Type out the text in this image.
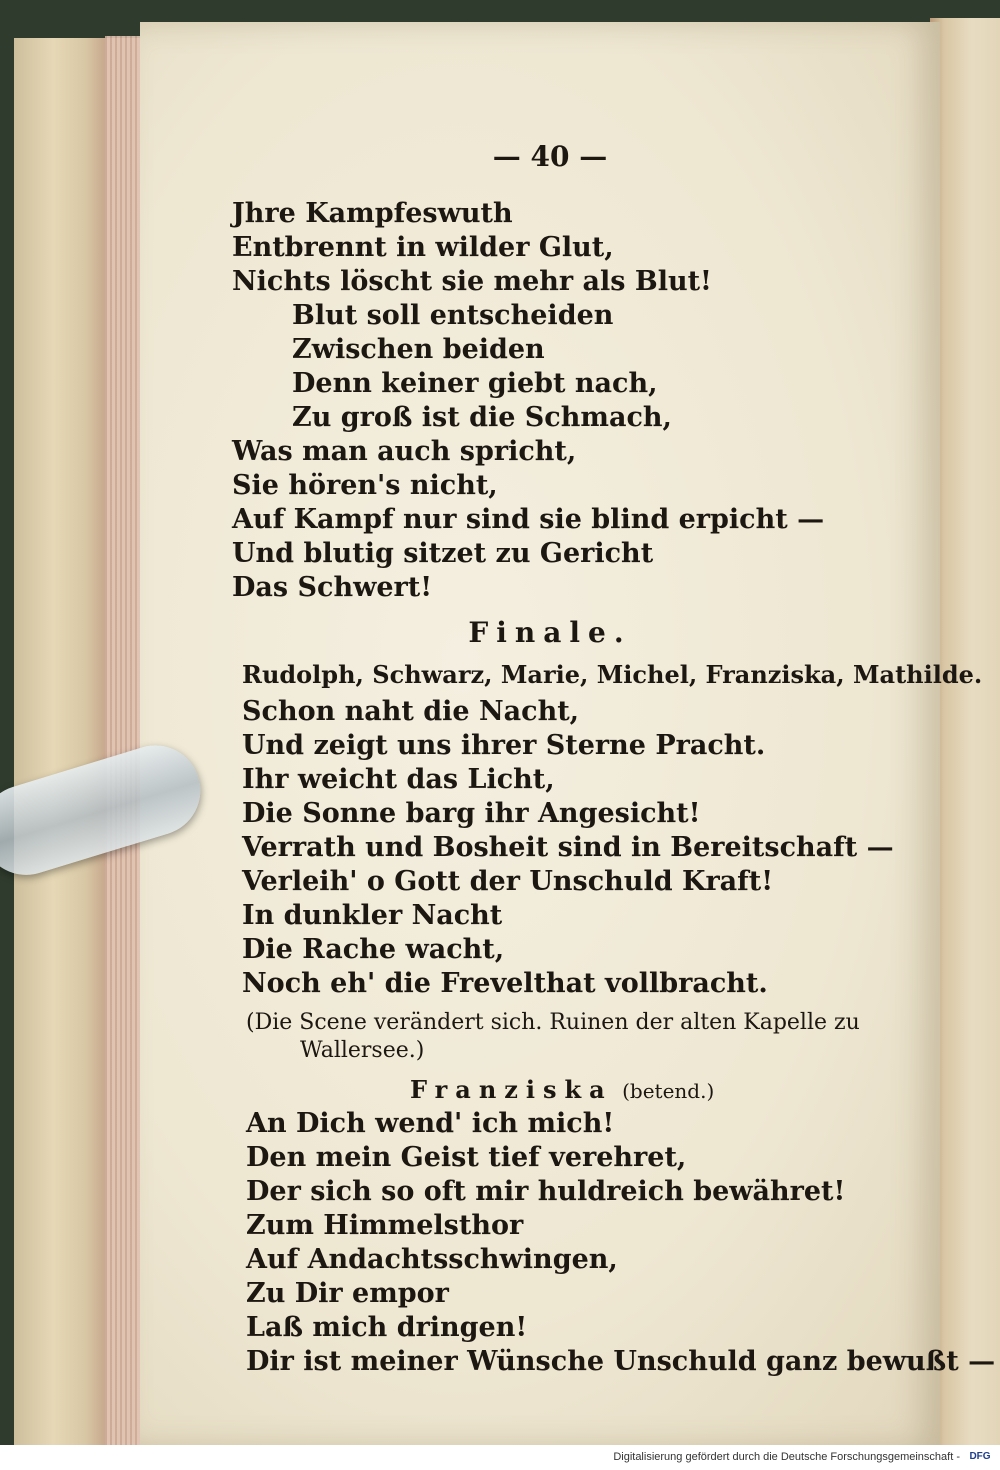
— 40 —
Jhre Kampfeswuth
Entbrennt in wilder Glut,
Nichts löscht sie mehr als Blut!
Blut soll entscheiden
Zwischen beiden
Denn keiner giebt nach,
Zu groß ist die Schmach,
Was man auch spricht,
Sie hören's nicht,
Auf Kampf nur sind sie blind erpicht —
Und blutig sitzet zu Gericht
Das Schwert!
Finale.
Rudolph, Schwarz, Marie, Michel, Franziska, Mathilde.
Schon naht die Nacht,
Und zeigt uns ihrer Sterne Pracht.
Ihr weicht das Licht,
Die Sonne barg ihr Angesicht!
Verrath und Bosheit sind in Bereitschaft —
Verleih' o Gott der Unschuld Kraft!
In dunkler Nacht
Die Rache wacht,
Noch eh' die Frevelthat vollbracht.
(Die Scene verändert sich. Ruinen der alten Kapelle zu
Wallersee.)
Franziska (betend.)
An Dich wend' ich mich!
Den mein Geist tief verehret,
Der sich so oft mir huldreich bewähret!
Zum Himmelsthor
Auf Andachtsschwingen,
Zu Dir empor
Laß mich dringen!
Dir ist meiner Wünsche Unschuld ganz bewußt —
Digitalisierung gefördert durch die Deutsche Forschungsgemeinschaft - DFG
